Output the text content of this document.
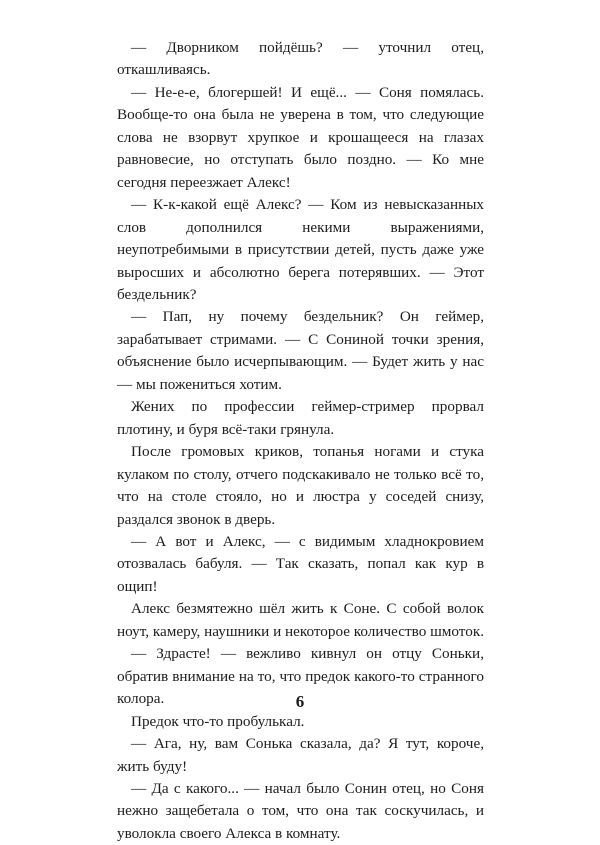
— Дворником пойдёшь? — уточнил отец, откашливаясь.

— Не-е-е, блогершей! И ещё... — Соня помялась. Вообще-то она была не уверена в том, что следующие слова не взорвут хрупкое и крошащееся на глазах равновесие, но отступать было поздно. — Ко мне сегодня переезжает Алекс!

— К-к-какой ещё Алекс? — Ком из невысказанных слов дополнился некими выражениями, неупотребимыми в присутствии детей, пусть даже уже выросших и абсолютно берега потерявших. — Этот бездельник?

— Пап, ну почему бездельник? Он геймер, зарабатывает стримами. — С Сониной точки зрения, объяснение было исчерпывающим. — Будет жить у нас — мы пожениться хотим.

Жених по профессии геймер-стример прорвал плотину, и буря всё-таки грянула.

После громовых криков, топанья ногами и стука кулаком по столу, отчего подскакивало не только всё то, что на столе стояло, но и люстра у соседей снизу, раздался звонок в дверь.

— А вот и Алекс, — с видимым хладнокровием отозвалась бабуля. — Так сказать, попал как кур в ощип!

Алекс безмятежно шёл жить к Соне. С собой волок ноут, камеру, наушники и некоторое количество шмоток.

— Здрасте! — вежливо кивнул он отцу Соньки, обратив внимание на то, что предок какого-то странного колора.

Предок что-то пробулькал.

— Ага, ну, вам Сонька сказала, да? Я тут, короче, жить буду!

— Да с какого... — начал было Сонин отец, но Соня нежно защебетала о том, что она так соскучилась, и уволокла своего Алекса в комнату.

6
